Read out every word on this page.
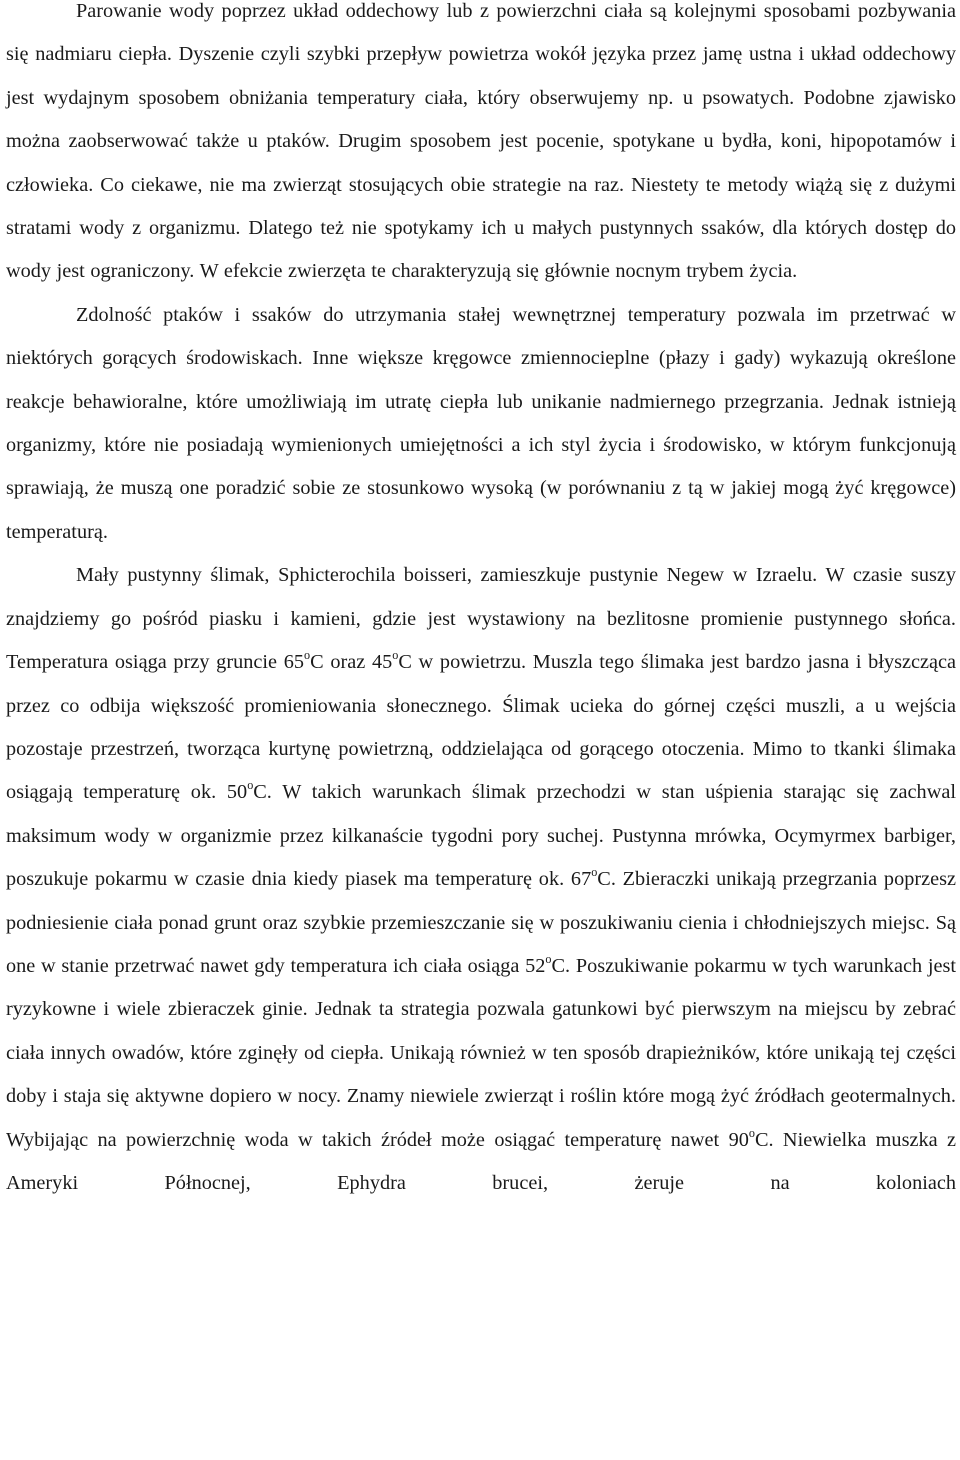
Parowanie wody poprzez układ oddechowy lub z powierzchni ciała są kolejnymi sposobami pozbywania się nadmiaru ciepła. Dyszenie czyli szybki przepływ powietrza wokół języka przez jamę ustna i układ oddechowy jest wydajnym sposobem obniżania temperatury ciała, który obserwujemy np. u psowatych. Podobne zjawisko można zaobserwować także u ptaków. Drugim sposobem jest pocenie, spotykane u bydła, koni, hipopotamów i człowieka. Co ciekawe, nie ma zwierząt stosujących obie strategie na raz. Niestety te metody wiążą się z dużymi stratami wody z organizmu. Dlatego też nie spotykamy ich u małych pustynnych ssaków, dla których dostęp do wody jest ograniczony. W efekcie zwierzęta te charakteryzują się głównie nocnym trybem życia.

Zdolność ptaków i ssaków do utrzymania stałej wewnętrznej temperatury pozwala im przetrwać w niektórych gorących środowiskach. Inne większe kręgowce zmiennocieplne (płazy i gady) wykazują określone reakcje behawioralne, które umożliwiają im utratę ciepła lub unikanie nadmiernego przegrzania. Jednak istnieją organizmy, które nie posiadają wymienionych umiejętności a ich styl życia i środowisko, w którym funkcjonują sprawiają, że muszą one poradzić sobie ze stosunkowo wysoką (w porównaniu z tą w jakiej mogą żyć kręgowce) temperaturą.

Mały pustynny ślimak, Sphicterochila boisseri, zamieszkuje pustynie Negew w Izraelu. W czasie suszy znajdziemy go pośród piasku i kamieni, gdzie jest wystawiony na bezlitosne promienie pustynnego słońca. Temperatura osiąga przy gruncie 65$^o$C oraz 45$^o$C w powietrzu. Muszla tego ślimaka jest bardzo jasna i błyszcząca przez co odbija większość promieniowania słonecznego. Ślimak ucieka do górnej części muszli, a u wejścia pozostaje przestrzeń, tworząca kurtynę powietrzną, oddzielająca od gorącego otoczenia. Mimo to tkanki ślimaka osiągają temperaturę ok. 50$^o$C. W takich warunkach ślimak przechodzi w stan uśpienia starając się zachwal maksimum wody w organizmie przez kilkanaście tygodni pory suchej. Pustynna mrówka, Ocymyrmex barbiger, poszukuje pokarmu w czasie dnia kiedy piasek ma temperaturę ok. 67$^o$C. Zbieraczki unikają przegrzania poprzesz podniesienie ciała ponad grunt oraz szybkie przemieszczanie się w poszukiwaniu cienia i chłodniejszych miejsc. Są one w stanie przetrwać nawet gdy temperatura ich ciała osiąga 52$^o$C. Poszukiwanie pokarmu w tych warunkach jest ryzykowne i wiele zbieraczek ginie. Jednak ta strategia pozwala gatunkowi być pierwszym na miejscu by zebrać ciała innych owadów, które zginęły od ciepła. Unikają również w ten sposób drapieżników, które unikają tej części doby i staja się aktywne dopiero w nocy. Znamy niewiele zwierząt i roślin które mogą żyć źródłach geotermalnych. Wybijając na powierzchnię woda w takich źródeł może osiągać temperaturę nawet 90$^o$C. Niewielka muszka z Ameryki Północnej, Ephydra brucei, żeruje na koloniach
